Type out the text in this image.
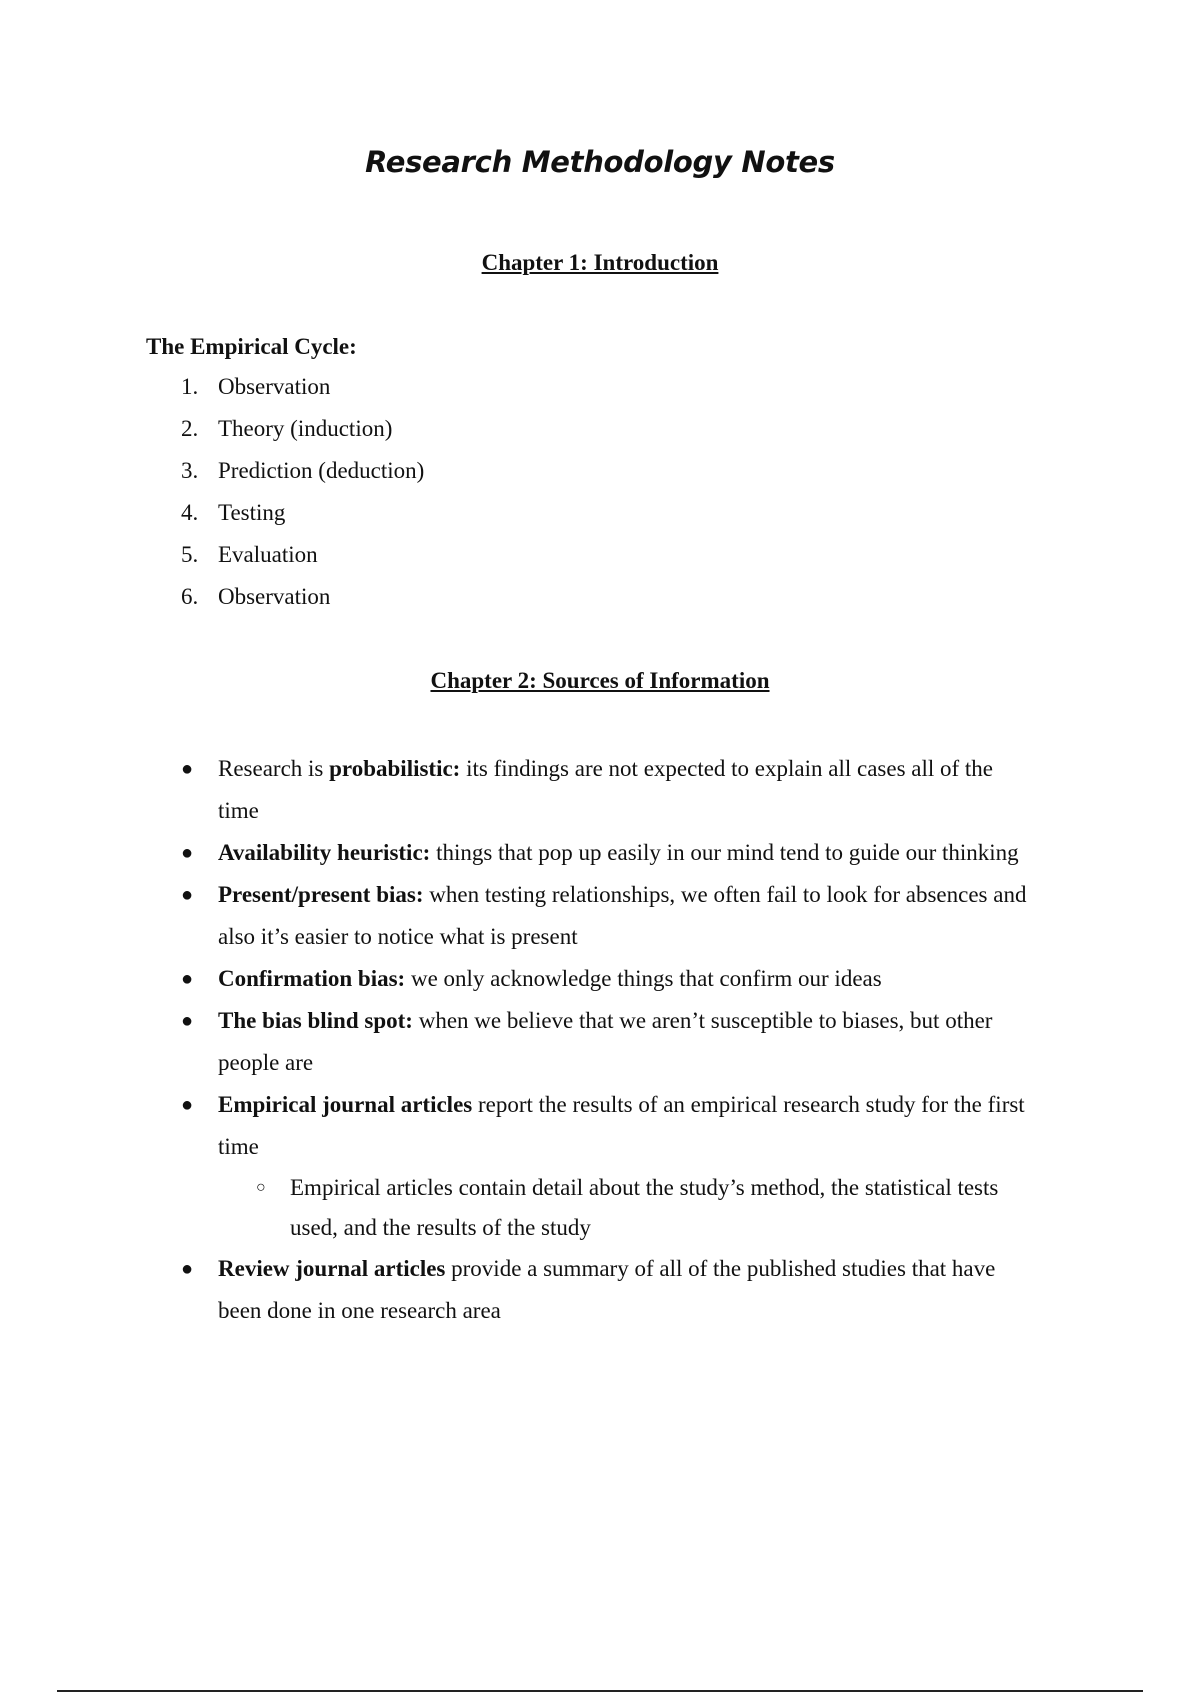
Research Methodology Notes
Chapter 1: Introduction

The Empirical Cycle:

1. Observation
2. Theory (induction)
3. Prediction (deduction)
4. Testing
5. Evaluation
6. Observation
Chapter 2: Sources of Information
● Research is probabilistic: its findings are not expected to explain all cases all of the time
● Availability heuristic: things that pop up easily in our mind tend to guide our thinking
● Present/present bias: when testing relationships, we often fail to look for absences and also it’s easier to notice what is present
● Confirmation bias: we only acknowledge things that confirm our ideas
● The bias blind spot: when we believe that we aren’t susceptible to biases, but other people are
● Empirical journal articles report the results of an empirical research study for the first time
○ Empirical articles contain detail about the study’s method, the statistical tests used, and the results of the study
● Review journal articles provide a summary of all of the published studies that have been done in one research area
